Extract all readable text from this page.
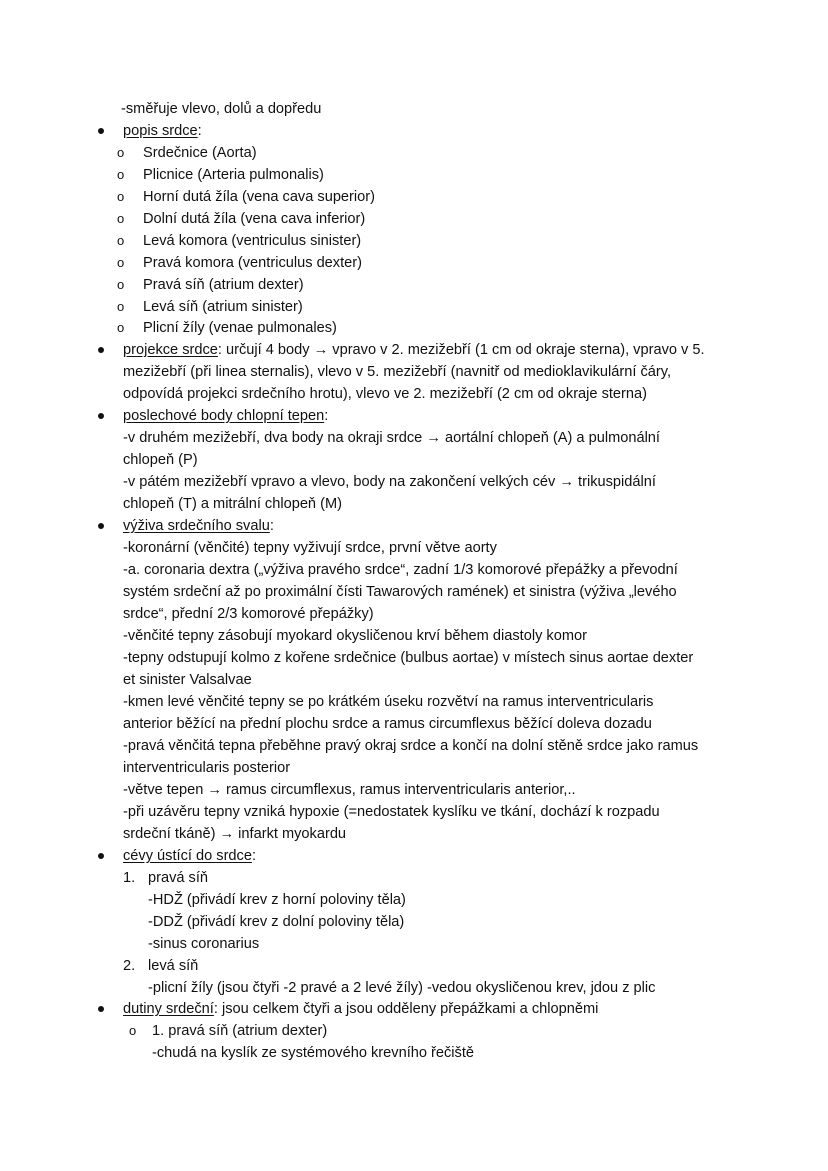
-směřuje vlevo, dolů a dopředu
popis srdce:
o Srdečnice (Aorta)
o Plicnice (Arteria pulmonalis)
o Horní dutá žíla (vena cava superior)
o Dolní dutá žíla (vena cava inferior)
o Levá komora (ventriculus sinister)
o Pravá komora (ventriculus dexter)
o Pravá síň (atrium dexter)
o Levá síň (atrium sinister)
o Plicní žíly (venae pulmonales)
projekce srdce: určují 4 body → vpravo v 2. mezižebří (1 cm od okraje sterna), vpravo v 5.
mezižebří (při linea sternalis), vlevo v 5. mezižebří (navnitř od medioklavikulární čáry,
odpovídá projekci srdečního hrotu), vlevo ve 2. mezižebří (2 cm od okraje sterna)
poslechové body chlopní tepen:
-v druhém mezižebří, dva body na okraji srdce → aortální chlopeň (A) a pulmonální
chlopeň (P)
-v pátém mezižebří vpravo a vlevo, body na zakončení velkých cév → trikuspidální
chlopeň (T) a mitrální chlopeň (M)
výživa srdečního svalu:
-koronární (věnčité) tepny vyživují srdce, první větve aorty
-a. coronaria dextra („výživa pravého srdce“, zadní 1/3 komorové přepážky a převodní
systém srdeční až po proximální čísti Tawarových ramének) et sinistra (výživa „levého
srdce“, přední 2/3 komorové přepážky)
-věnčité tepny zásobují myokard okysličenou krví během diastoly komor
-tepny odstupují kolmo z kořene srdečnice (bulbus aortae) v místech sinus aortae dexter
et sinister Valsalvae
-kmen levé věnčité tepny se po krátkém úseku rozvětví na ramus interventricularis
anterior běžící na přední plochu srdce a ramus circumflexus běžící doleva dozadu
-pravá věnčitá tepna přeběhne pravý okraj srdce a končí na dolní stěně srdce jako ramus
interventricularis posterior
-větve tepen → ramus circumflexus, ramus interventricularis anterior,..
-při uzávěru tepny vzniká hypoxie (=nedostatek kyslíku ve tkání, dochází k rozpadu
srdeční tkáně) → infarkt myokardu
cévy ústící do srdce:
1. pravá síň
-HDŽ (přivádí krev z horní poloviny těla)
-DDŽ (přivádí krev z dolní poloviny těla)
-sinus coronarius
2. levá síň
-plicní žíly (jsou čtyři -2 pravé a 2 levé žíly) -vedou okysličenou krev, jdou z plic
dutiny srdeční: jsou celkem čtyři a jsou odděleny přepážkami a chlopněmi
o 1. pravá síň (atrium dexter)
-chudá na kyslík ze systémového krevního řečiště
